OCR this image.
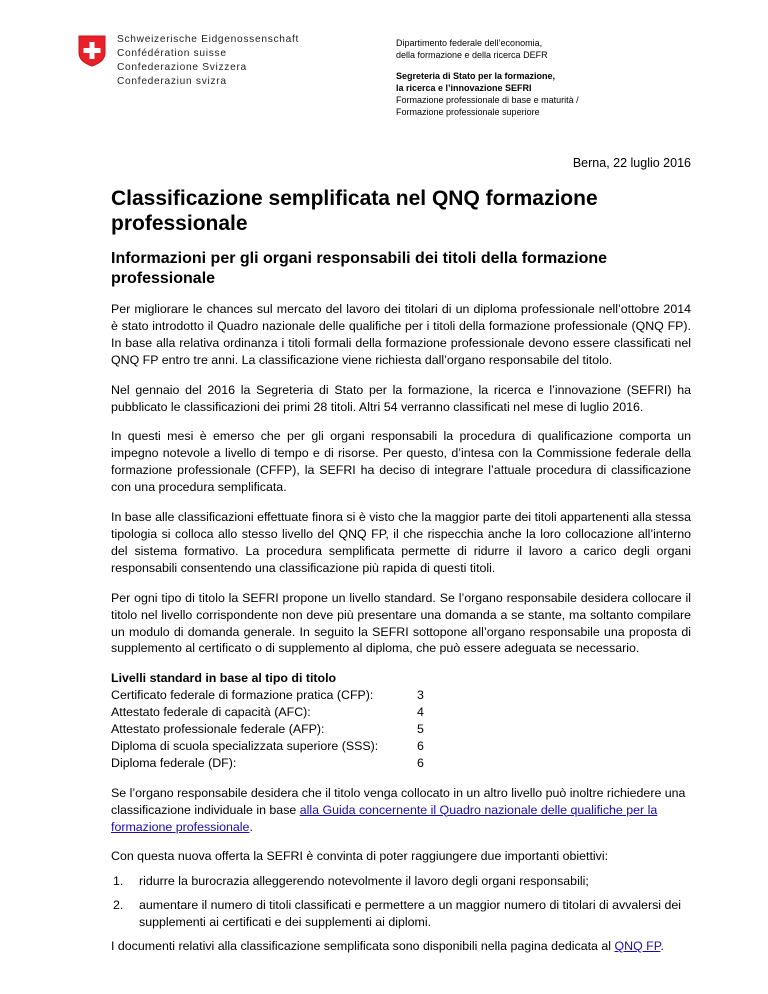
Schweizerische Eidgenossenschaft
Confédération suisse
Confederazione Svizzera
Confederaziun svizra
Dipartimento federale dell’economia,
della formazione e della ricerca DEFR
Segreteria di Stato per la formazione,
la ricerca e l’innovazione SEFRI
Formazione professionale di base e maturità /
Formazione professionale superiore
Berna, 22 luglio 2016
Classificazione semplificata nel QNQ formazione professionale
Informazioni per gli organi responsabili dei titoli della formazione professionale

Per migliorare le chances sul mercato del lavoro dei titolari di un diploma professionale nell’ottobre 2014 è stato introdotto il Quadro nazionale delle qualifiche per i titoli della formazione professionale (QNQ FP). In base alla relativa ordinanza i titoli formali della formazione professionale devono essere classificati nel QNQ FP entro tre anni. La classificazione viene richiesta dall’organo responsabile del titolo.

Nel gennaio del 2016 la Segreteria di Stato per la formazione, la ricerca e l’innovazione (SEFRI) ha pubblicato le classificazioni dei primi 28 titoli. Altri 54 verranno classificati nel mese di luglio 2016.

In questi mesi è emerso che per gli organi responsabili la procedura di qualificazione comporta un impegno notevole a livello di tempo e di risorse. Per questo, d’intesa con la Commissione federale della formazione professionale (CFFP), la SEFRI ha deciso di integrare l’attuale procedura di classificazione con una procedura semplificata.

In base alle classificazioni effettuate finora si è visto che la maggior parte dei titoli appartenenti alla stessa tipologia si colloca allo stesso livello del QNQ FP, il che rispecchia anche la loro collocazione all’interno del sistema formativo. La procedura semplificata permette di ridurre il lavoro a carico degli organi responsabili consentendo una classificazione più rapida di questi titoli.

Per ogni tipo di titolo la SEFRI propone un livello standard. Se l’organo responsabile desidera collocare il titolo nel livello corrispondente non deve più presentare una domanda a se stante, ma soltanto compilare un modulo di domanda generale. In seguito la SEFRI sottopone all’organo responsabile una proposta di supplemento al certificato o di supplemento al diploma, che può essere adeguata se necessario.

Livelli standard in base al tipo di titolo
Certificato federale di formazione pratica (CFP):	3
Attestato federale di capacità (AFC):	4
Attestato professionale federale (AFP):	5
Diploma di scuola specializzata superiore (SSS):	6
Diploma federale (DF):	6

Se l’organo responsabile desidera che il titolo venga collocato in un altro livello può inoltre richiedere una classificazione individuale in base alla Guida concernente il Quadro nazionale delle qualifiche per la formazione professionale.

Con questa nuova offerta la SEFRI è convinta di poter raggiungere due importanti obiettivi:

1.	ridurre la burocrazia alleggerendo notevolmente il lavoro degli organi responsabili;
2.	aumentare il numero di titoli classificati e permettere a un maggior numero di titolari di avvalersi dei supplementi ai certificati e dei supplementi ai diplomi.

I documenti relativi alla classificazione semplificata sono disponibili nella pagina dedicata al QNQ FP.
